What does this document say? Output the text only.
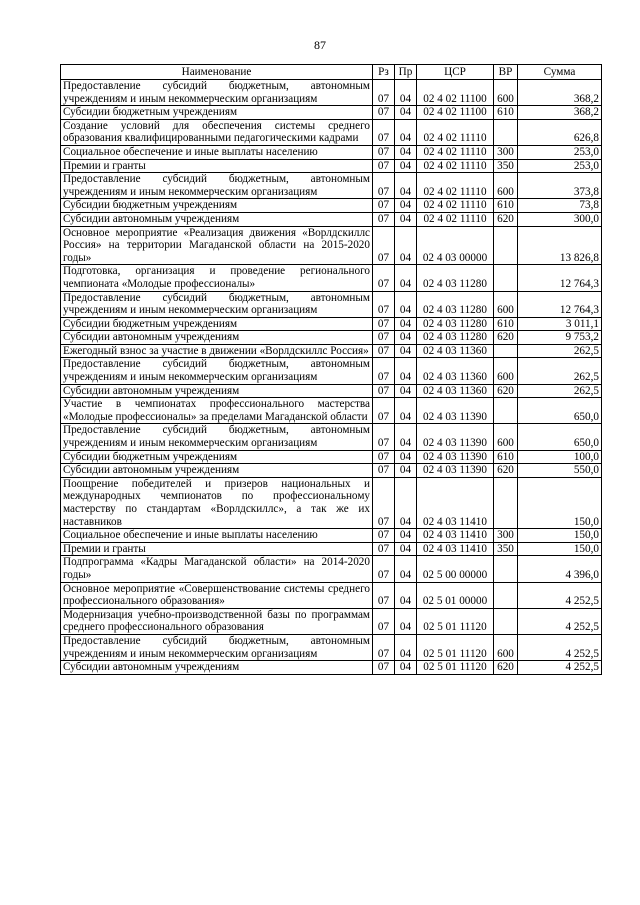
87
Наименование	Рз	Пр	ЦСР	ВР	Сумма
Предоставление субсидий бюджетным, автономным учреждениям и иным некоммерческим организациям	07	04	02 4 02 11100	600	368,2
Субсидии бюджетным учреждениям	07	04	02 4 02 11100	610	368,2
Создание условий для обеспечения системы среднего образования квалифицированными педагогическими кадрами	07	04	02 4 02 11110		626,8
Социальное обеспечение и иные выплаты населению	07	04	02 4 02 11110	300	253,0
Премии и гранты	07	04	02 4 02 11110	350	253,0
Предоставление субсидий бюджетным, автономным учреждениям и иным некоммерческим организациям	07	04	02 4 02 11110	600	373,8
Субсидии бюджетным учреждениям	07	04	02 4 02 11110	610	73,8
Субсидии автономным учреждениям	07	04	02 4 02 11110	620	300,0
Основное мероприятие «Реализация движения «Ворлдскиллс Россия» на территории Магаданской области на 2015-2020 годы»	07	04	02 4 03 00000		13 826,8
Подготовка, организация и проведение регионального чемпионата «Молодые профессионалы»	07	04	02 4 03 11280		12 764,3
Предоставление субсидий бюджетным, автономным учреждениям и иным некоммерческим организациям	07	04	02 4 03 11280	600	12 764,3
Субсидии бюджетным учреждениям	07	04	02 4 03 11280	610	3 011,1
Субсидии автономным учреждениям	07	04	02 4 03 11280	620	9 753,2
Ежегодный взнос за участие в движении «Ворлдскиллс Россия»	07	04	02 4 03 11360		262,5
Предоставление субсидий бюджетным, автономным учреждениям и иным некоммерческим организациям	07	04	02 4 03 11360	600	262,5
Субсидии автономным учреждениям	07	04	02 4 03 11360	620	262,5
Участие в чемпионатах профессионального мастерства «Молодые профессионалы» за пределами Магаданской области	07	04	02 4 03 11390		650,0
Предоставление субсидий бюджетным, автономным учреждениям и иным некоммерческим организациям	07	04	02 4 03 11390	600	650,0
Субсидии бюджетным учреждениям	07	04	02 4 03 11390	610	100,0
Субсидии автономным учреждениям	07	04	02 4 03 11390	620	550,0
Поощрение победителей и призеров национальных и международных чемпионатов по профессиональному мастерству по стандартам «Ворлдскиллс», а так же их наставников	07	04	02 4 03 11410		150,0
Социальное обеспечение и иные выплаты населению	07	04	02 4 03 11410	300	150,0
Премии и гранты	07	04	02 4 03 11410	350	150,0
Подпрограмма «Кадры Магаданской области» на 2014-2020 годы»	07	04	02 5 00 00000		4 396,0
Основное мероприятие «Совершенствование системы среднего профессионального образования»	07	04	02 5 01 00000		4 252,5
Модернизация учебно-производственной базы по программам среднего профессионального образования	07	04	02 5 01 11120		4 252,5
Предоставление субсидий бюджетным, автономным учреждениям и иным некоммерческим организациям	07	04	02 5 01 11120	600	4 252,5
Субсидии автономным учреждениям	07	04	02 5 01 11120	620	4 252,5
